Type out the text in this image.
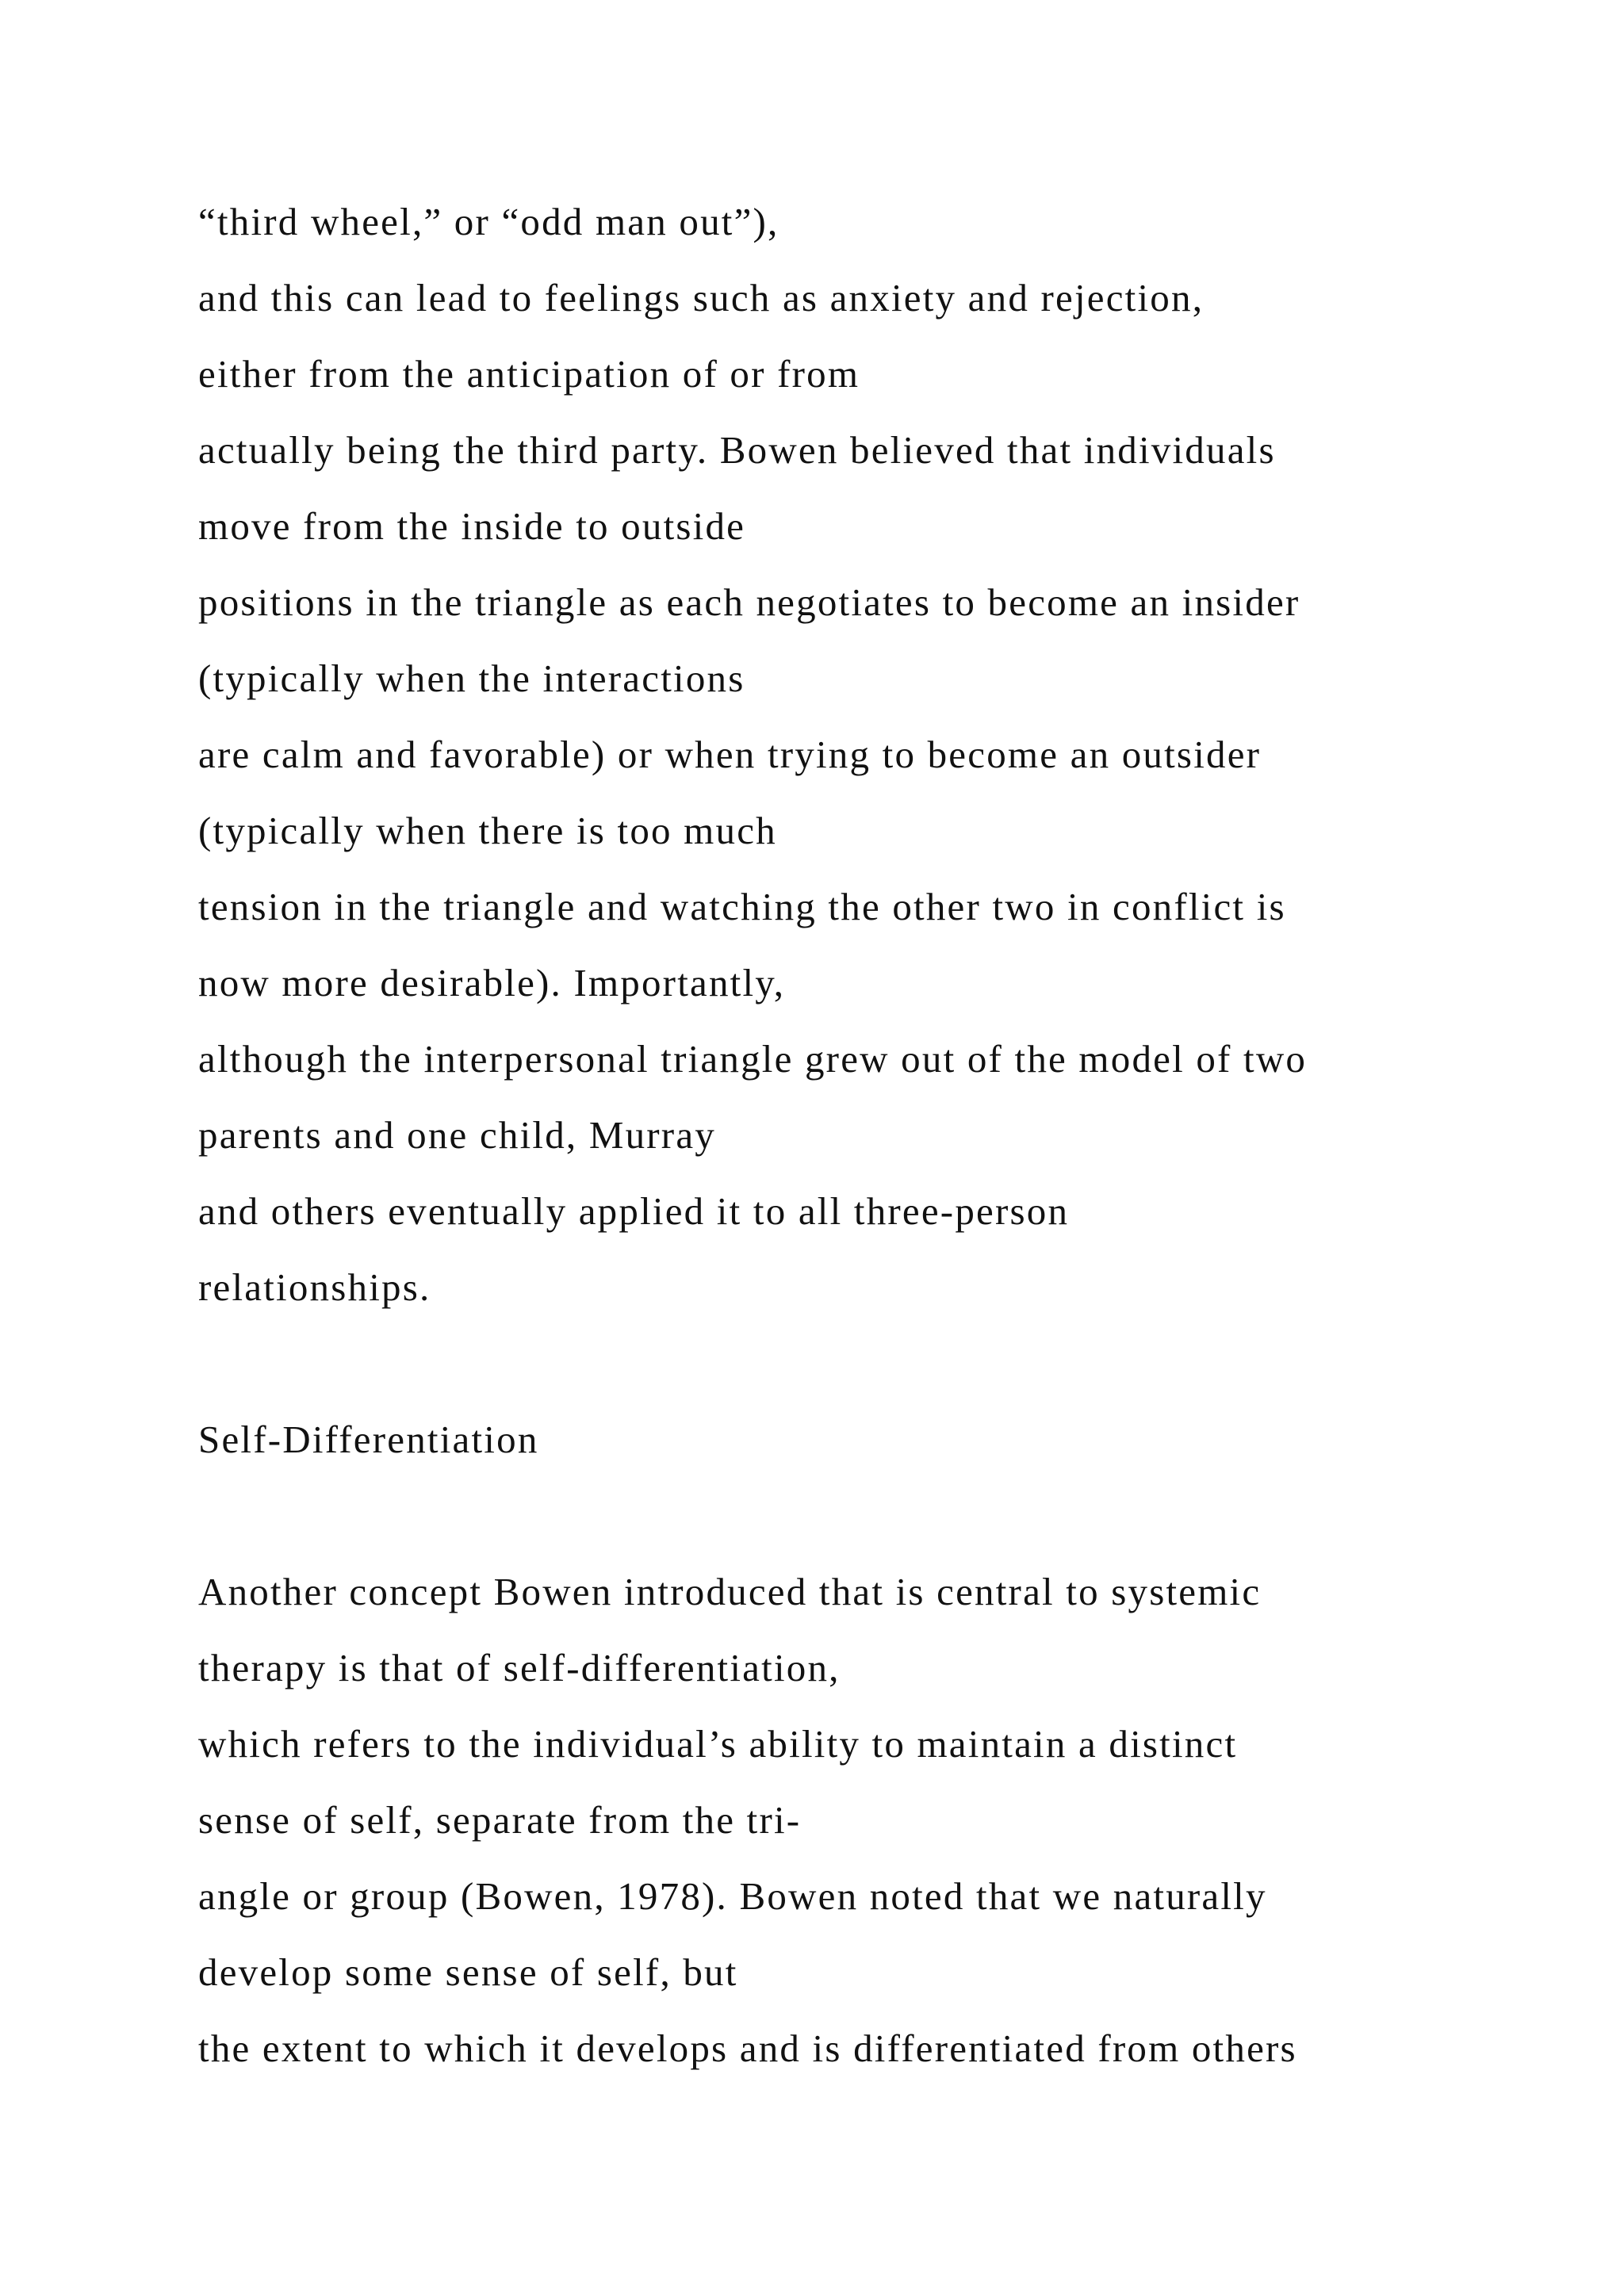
“third wheel,” or “odd man out”),
and this can lead to feelings such as anxiety and rejection,
either from the anticipation of or from
actually being the third party. Bowen believed that individuals
move from the inside to outside
positions in the triangle as each negotiates to become an insider
(typically when the interactions
are calm and favorable) or when trying to become an outsider
(typically when there is too much
tension in the triangle and watching the other two in conflict is
now more desirable). Importantly,
although the interpersonal triangle grew out of the model of two
parents and one child, Murray
and others eventually applied it to all three-person
relationships.
Self-Differentiation
Another concept Bowen introduced that is central to systemic
therapy is that of self-differentiation,
which refers to the individual’s ability to maintain a distinct
sense of self, separate from the tri-
angle or group (Bowen, 1978). Bowen noted that we naturally
develop some sense of self, but
the extent to which it develops and is differentiated from others
